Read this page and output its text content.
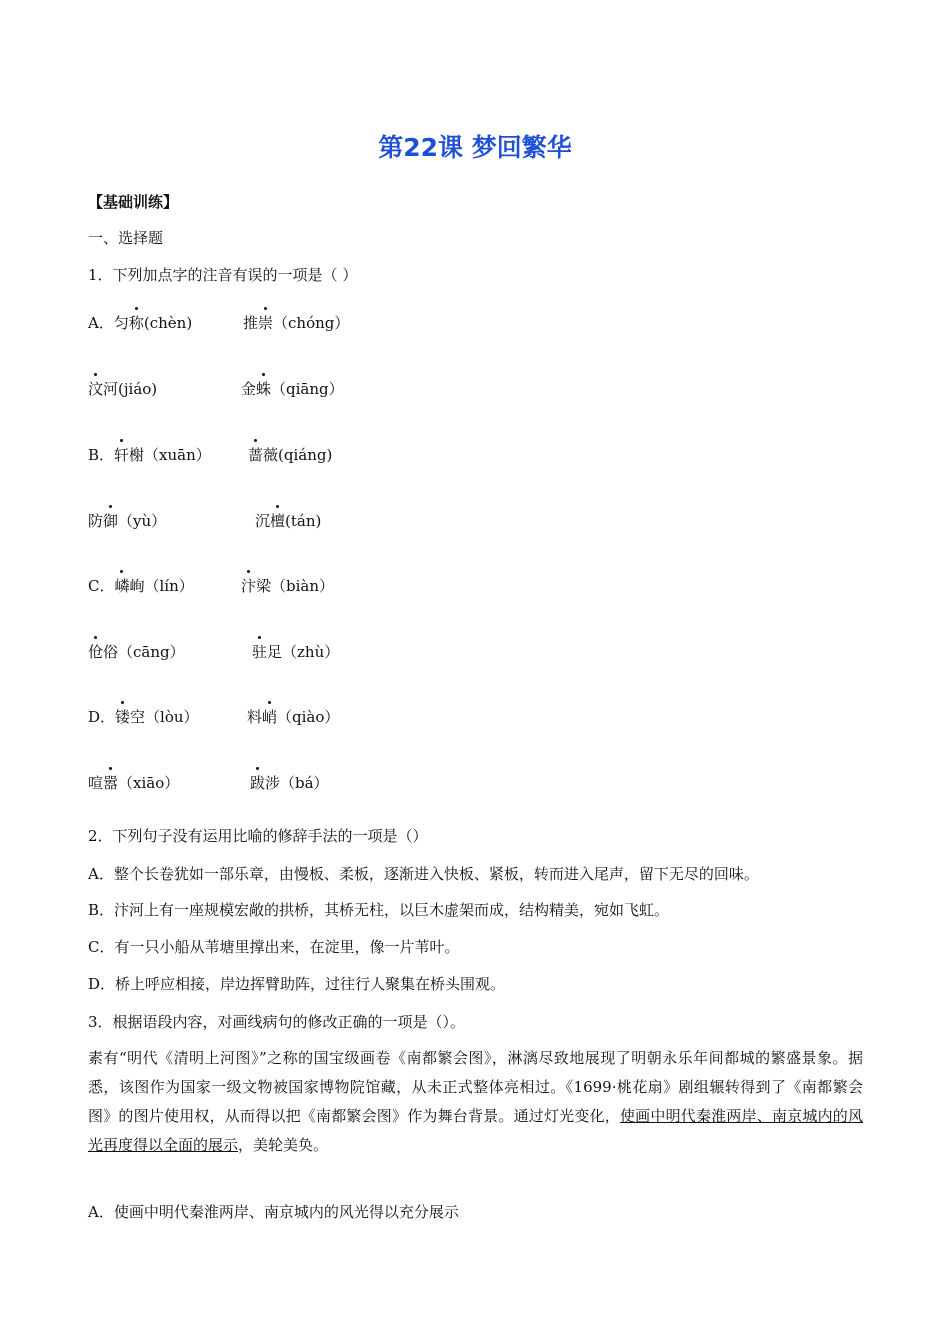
第22课 梦回繁华
【基础训练】
一、选择题
1．下列加点字的注音有误的一项是（ ）
A．匀称(chèn)	推崇（chóng）
汶河(jiáo)	金蛛（qiāng）
B．轩榭（xuān） 蔷薇(qiáng)
防御（yù）	沉檀(tán)
C．嶙峋（lín）	汴梁（biàn）
伧俗（cāng）	驻足（zhù）
D．镂空（lòu）	料峭（qiào）
喧嚣（xiāo）	跋涉（bá）
2．下列句子没有运用比喻的修辞手法的一项是（）
A．整个长卷犹如一部乐章，由慢板、柔板，逐渐进入快板、紧板，转而进入尾声，留下无尽的回味。
B．汴河上有一座规模宏敞的拱桥，其桥无柱，以巨木虚架而成，结构精美，宛如飞虹。
C．有一只小船从苇塘里撑出来，在淀里，像一片苇叶。
D．桥上呼应相接，岸边挥臂助阵，过往行人聚集在桥头围观。
3．根据语段内容，对画线病句的修改正确的一项是（）。
素有“明代《清明上河图》”之称的国宝级画卷《南都繁会图》，淋漓尽致地展现了明朝永乐年间都城的繁盛景象。据悉，该图作为国家一级文物被国家博物院馆藏，从未正式整体亮相过。《1699·桃花扇》剧组辗转得到了《南都繁会图》的图片使用权，从而得以把《南都繁会图》作为舞台背景。通过灯光变化，使画中明代秦淮两岸、南京城内的风光再度得以全面的展示，美轮美奂。
A．使画中明代秦淮两岸、南京城内的风光得以充分展示
